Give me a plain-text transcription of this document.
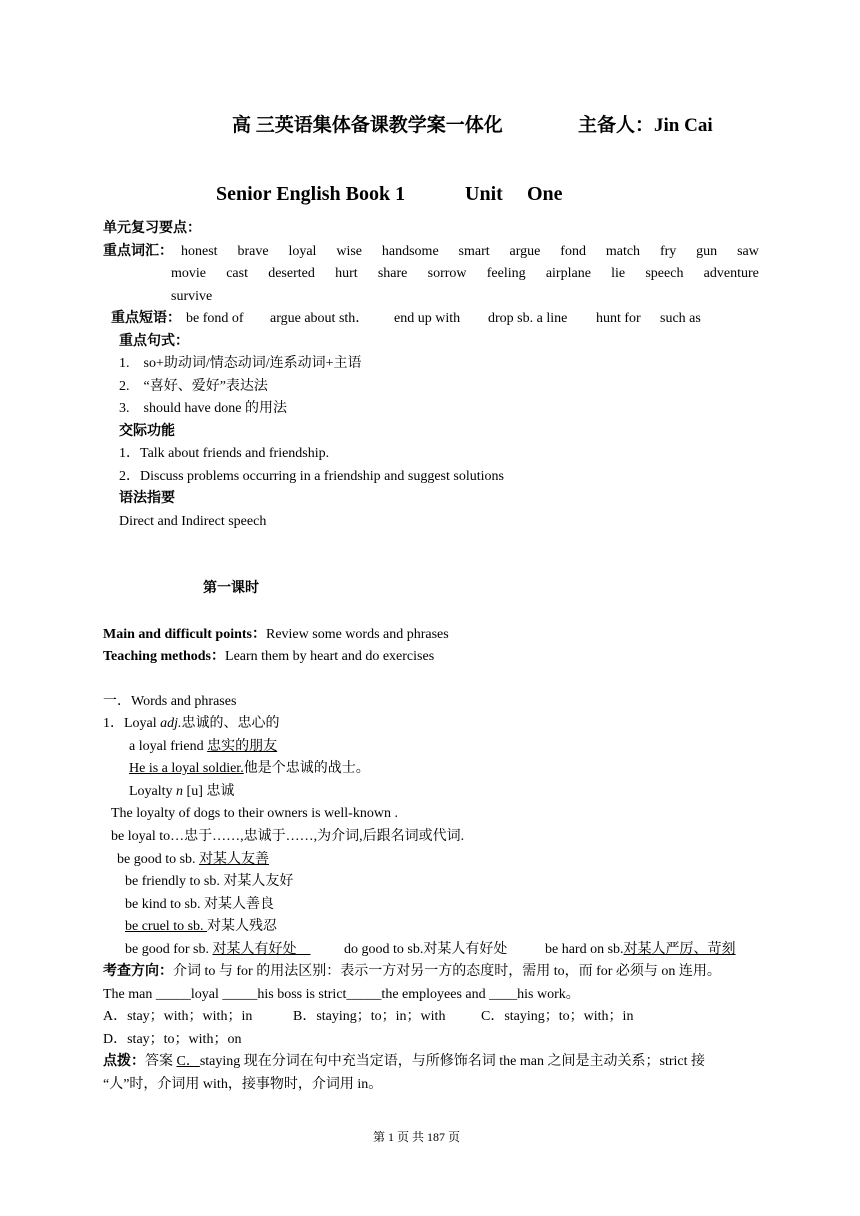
高 三英语集体备课教学案一体化	主备人：Jin Cai
Senior English Book 1	Unit One
单元复习要点：
重点词汇： honest brave loyal wise handsome smart argue fond match fry gun saw
movie cast deserted hurt share sorrow feeling airplane lie speech adventure
survive
重点短语： be fond of argue about sth． end up with drop sb. a line hunt for such as
重点句式：
1.　so+助动词/情态动词/连系动词+主语
2.　“喜好、爱好”表达法
3.　should have done 的用法
交际功能
1．Talk about friends and friendship.
2．Discuss problems occurring in a friendship and suggest solutions
语法指要
Direct and Indirect speech
第一课时
Main and difficult points：Review some words and phrases
Teaching methods：Learn them by heart and do exercises
一．Words and phrases
1．Loyal adj.忠诚的、忠心的
a loyal friend 忠实的朋友
He is a loyal soldier.他是个忠诚的战士。
Loyalty n [u] 忠诚
The loyalty of dogs to their owners is well-known .
be loyal to…忠于……,忠诚于……,为介词,后跟名词或代词.
be good to sb. 对某人友善
be friendly to sb. 对某人友好
be kind to sb. 对某人善良
be cruel to sb. 对某人残忍
be good for sb. 对某人有好处　 do good to sb.对某人有好处	be hard on sb.对某人严厉、苛刻
考查方向：介词 to 与 for 的用法区别：表示一方对另一方的态度时，需用 to，而 for 必须与 on 连用。
The man _____loyal _____his boss is strict_____the employees and ____his work。
A．stay；with；with；in	B．staying；to；in；with	C．staying；to；with；in
D．stay；to；with；on
点拨：答案 C．staying 现在分词在句中充当定语，与所修饰名词 the man 之间是主动关系；strict 接
“人”时，介词用 with，接事物时，介词用 in。
第 1 页 共 187 页
